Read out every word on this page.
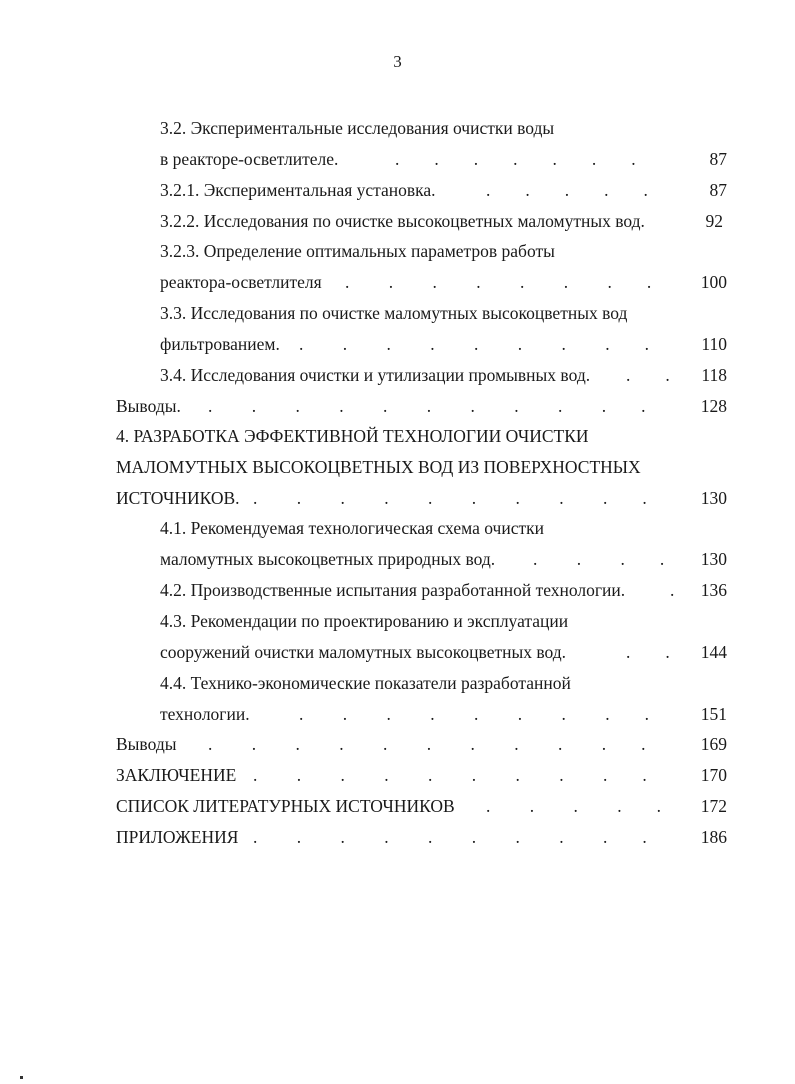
3
3.2. Экспериментальные исследования очистки воды
в реакторе-осветлителе.	.        .        .        .        .        .        .	87
3.2.1. Экспериментальная установка.	.        .        .        .        .	87
3.2.2. Исследования по очистке высокоцветных маломутных вод.	92
3.2.3. Определение оптимальных параметров работы
реактора-осветлителя .         .         .         .         .         .         .        .	100
3.3. Исследования по очистке маломутных высокоцветных вод
фильтрованием. .         .         .         .         .         .         .         .        .	110
3.4. Исследования очистки и утилизации промывных вод. .        . 118
Выводы. .         .         .         .         .         .         .         .         .         .        .	128
4. РАЗРАБОТКА ЭФФЕКТИВНОЙ ТЕХНОЛОГИИ ОЧИСТКИ
МАЛОМУТНЫХ ВЫСОКОЦВЕТНЫХ ВОД ИЗ ПОВЕРХНОСТНЫХ
ИСТОЧНИКОВ. .         .         .         .         .         .         .         .         .        .	130
4.1. Рекомендуемая технологическая схема очистки
маломутных высокоцветных природных вод. .         .         .        . 130
4.2. Производственные испытания разработанной технологии.	. 136
4.3. Рекомендации по проектированию и эксплуатации
сооружений очистки маломутных высокоцветных вод.	.        . 144
4.4. Технико-экономические показатели разработанной
технологии.	.         .         .         .         .         .         .         .        .	151
Выводы .         .         .         .         .         .         .         .         .         .        .	169
ЗАКЛЮЧЕНИЕ .         .         .         .         .         .         .         .         .        .	170
СПИСОК ЛИТЕРАТУРНЫХ ИСТОЧНИКОВ .         .         .         .        . 172
ПРИЛОЖЕНИЯ .         .         .         .         .         .         .         .         .        .	186
